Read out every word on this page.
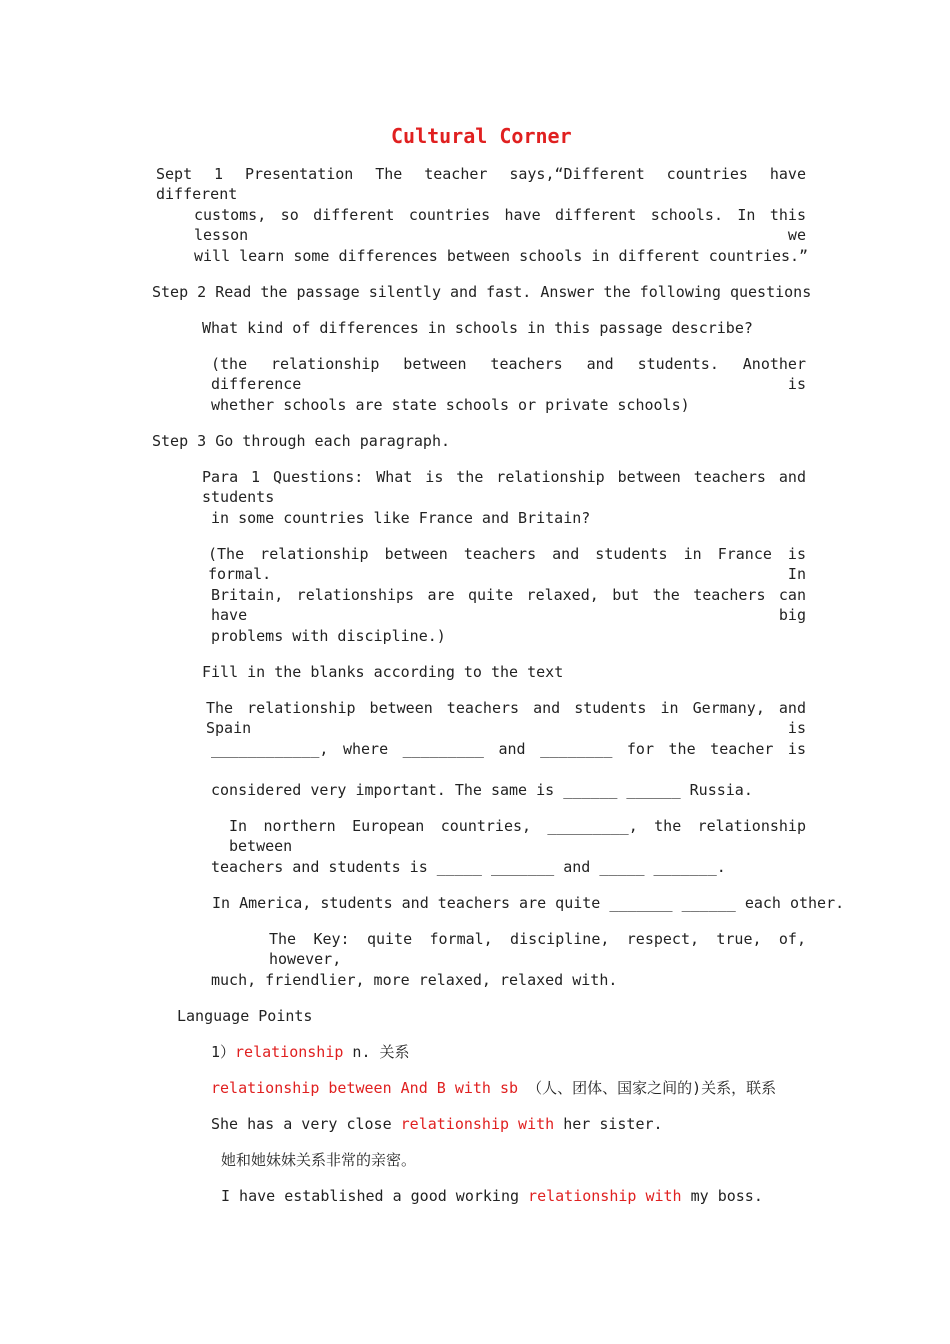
Cultural Corner
Sept 1 Presentation The teacher says,“Different countries have different
customs, so different countries have different schools. In this lesson we
will learn some differences between schools in different countries.”
Step 2 Read the passage silently and fast. Answer the following questions
What kind of differences in schools in this passage describe?
(the relationship between teachers and students. Another difference is
whether schools are state schools or private schools)
Step 3 Go through each paragraph.
Para 1 Questions: What is the relationship between teachers and students
in some countries like France and Britain?
(The relationship between teachers and students in France is formal. In
Britain, relationships are quite relaxed, but the teachers can have big
problems with discipline.)
Fill in the blanks according to the text
The relationship between teachers and students in Germany, and Spain is
____________, where _________ and ________ for the teacher is
considered very important. The same is ______ ______ Russia.
In northern European countries, _________, the relationship between
teachers and students is _____ _______ and _____ _______.
In America, students and teachers are quite _______ ______ each other.
The Key: quite formal, discipline, respect, true, of, however,
much, friendlier, more relaxed, relaxed with.
Language Points
1）relationship n. 关系
relationship between And B with sb （人、团体、国家之间的)关系，联系
She has a very close relationship with her sister.
她和她妹妹关系非常的亲密。
I have established a good working relationship with my boss.
